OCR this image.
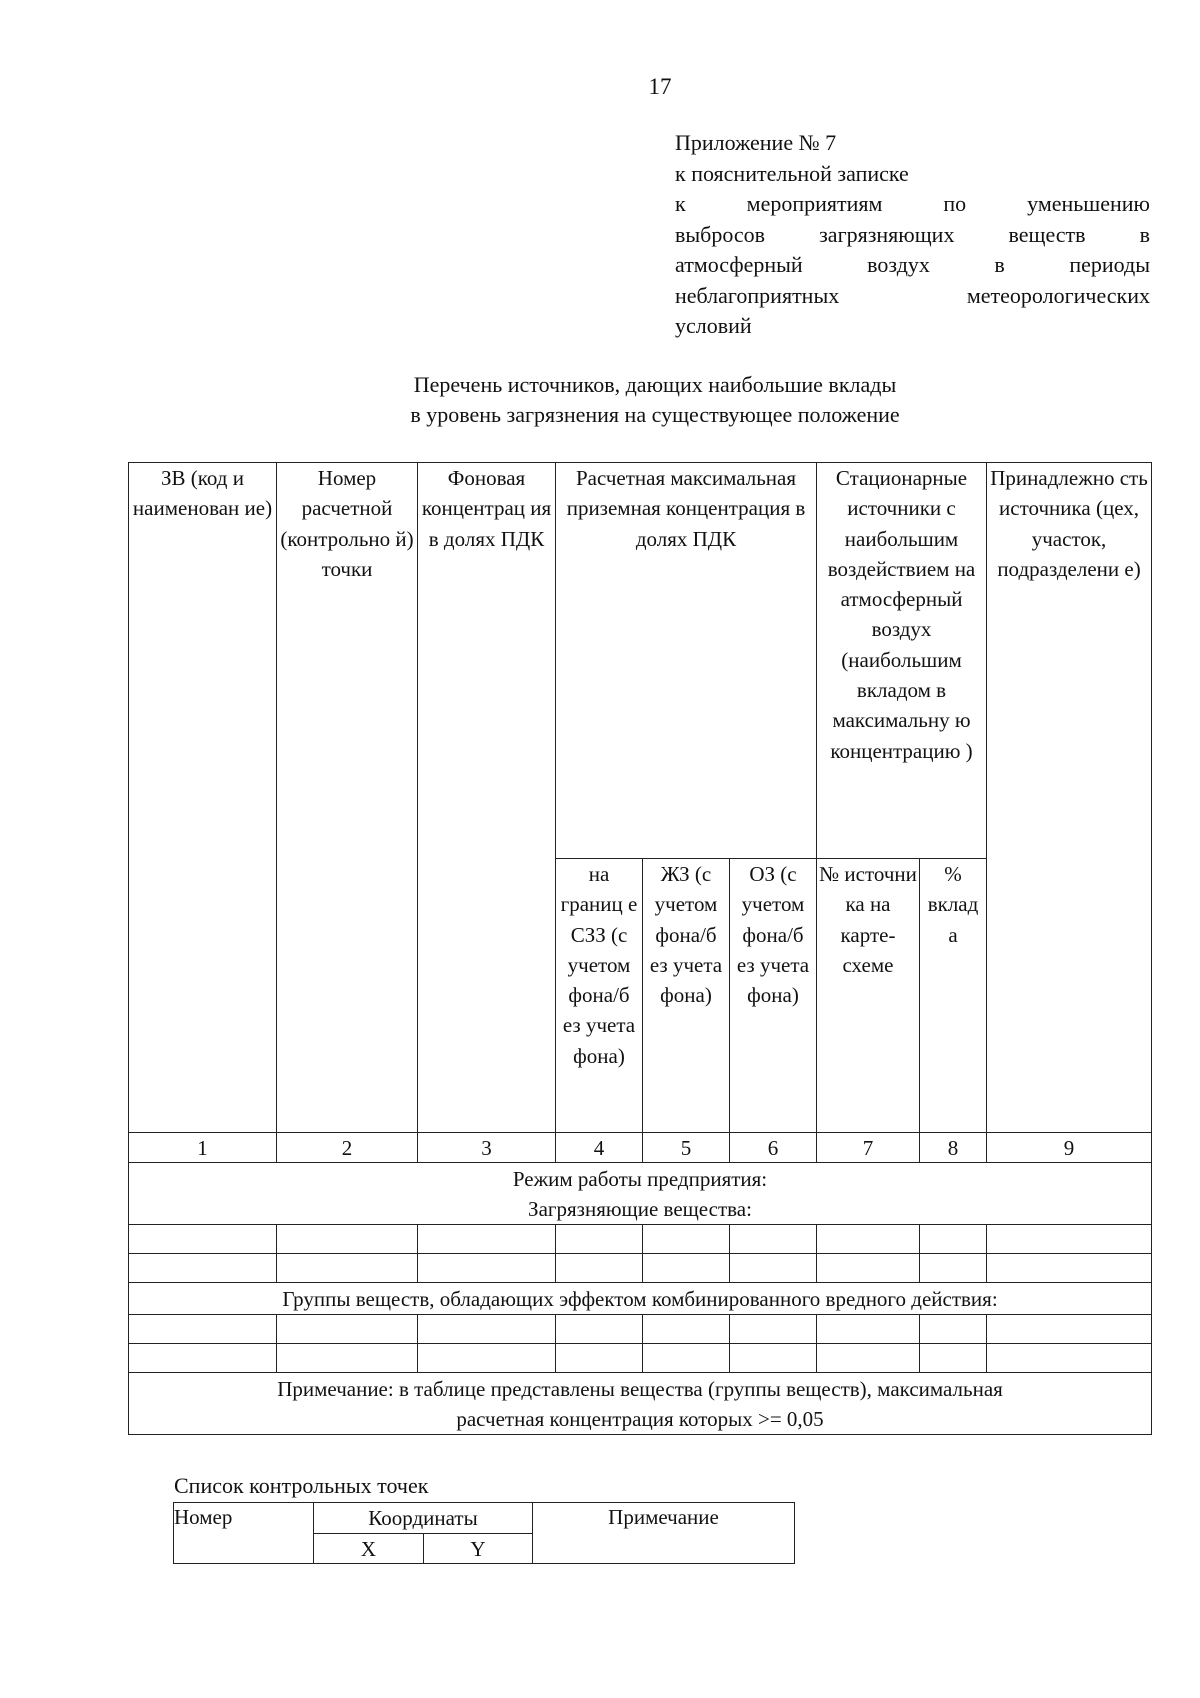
17
Приложение № 7
к пояснительной записке
к мероприятиям по уменьшению
выбросов загрязняющих веществ в
атмосферный воздух в периоды
неблагоприятных метеорологических
условий
Перечень источников, дающих наибольшие вклады
в уровень загрязнения на существующее положение
ЗВ (код и наименован ие)	Номер расчетной (контрольно й) точки	Фоновая концентрац ия в долях ПДК	Расчетная максимальная приземная концентрация в долях ПДК			Стационарные источники с наибольшим воздействием на атмосферный воздух (наибольшим вкладом в максимальну ю концентрацию )		Принадлежно сть источника (цех, участок, подразделени е)
			на границ е СЗЗ (с учетом фона/б ез учета фона)	ЖЗ (с учетом фона/б ез учета фона)	ОЗ (с учетом фона/б ез учета фона)	№ источни ка на карте- схеме	% вклад а	
1	2	3	4	5	6	7	8	9

Режим работы предприятия:
Загрязняющие вещества:								

Группы веществ, обладающих эффектом комбинированного вредного действия:								

Примечание: в таблице представлены вещества (группы веществ), максимальная
расчетная концентрация которых >= 0,05								
Список контрольных точек
Номер	Координаты		Примечание
	X	Y	
